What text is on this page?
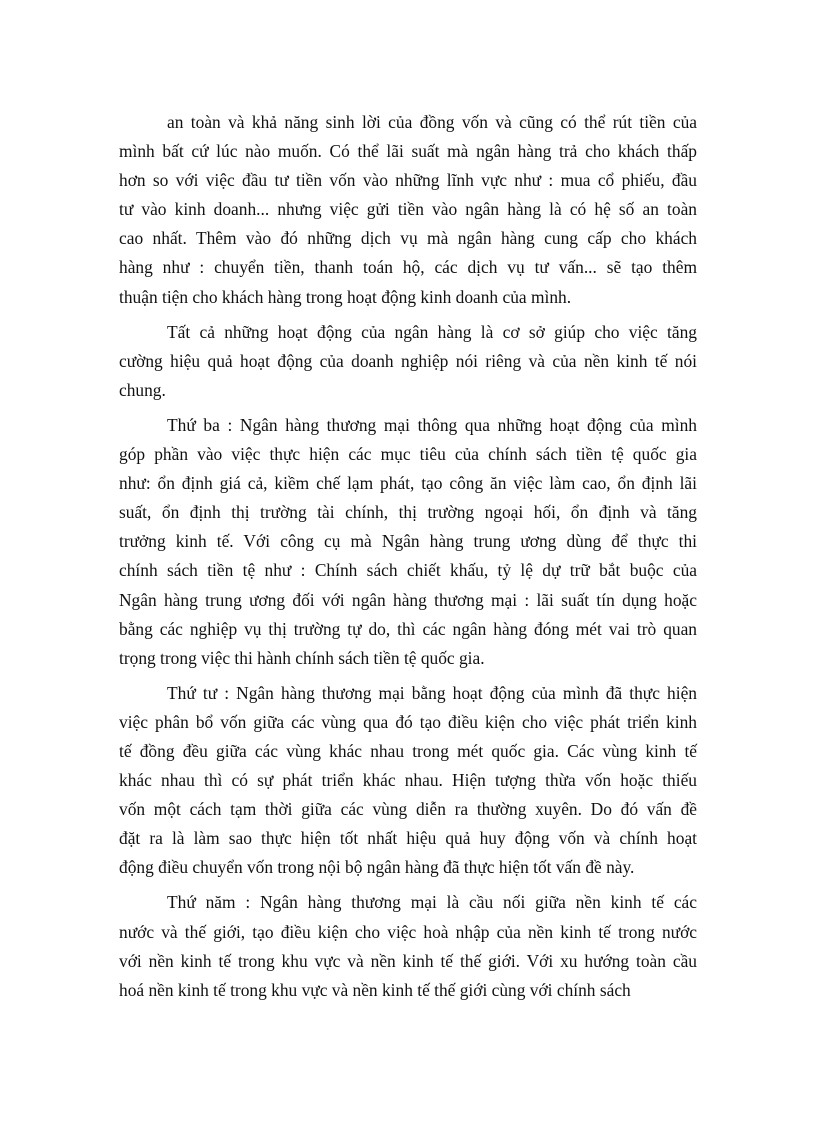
an toàn và khả năng sinh lời của đồng vốn và cũng có thể rút tiền của
mình bất cứ lúc nào muốn. Có thể lãi suất mà ngân hàng trả cho khách thấp
hơn so với việc đầu tư tiền vốn vào những lĩnh vực như : mua cổ phiếu, đầu
tư vào kinh doanh... nhưng việc gửi tiền vào ngân hàng là có hệ số an toàn
cao nhất. Thêm vào đó những dịch vụ mà ngân hàng cung cấp cho khách
hàng như : chuyển tiền, thanh toán hộ, các dịch vụ tư vấn... sẽ tạo thêm
thuận tiện cho khách hàng trong hoạt động kinh doanh của mình.
Tất cả những hoạt động của ngân hàng là cơ sở giúp cho việc tăng
cường hiệu quả hoạt động của doanh nghiệp nói riêng và của nền kinh tế nói
chung.
Thứ ba : Ngân hàng thương mại thông qua những hoạt động của mình
góp phần vào việc thực hiện các mục tiêu của chính sách tiền tệ quốc gia
như: ổn định giá cả, kiềm chế lạm phát, tạo công ăn việc làm cao, ổn định lãi
suất, ổn định thị trường tài chính, thị trường ngoại hối, ổn định và tăng
trưởng kinh tế. Với công cụ mà Ngân hàng trung ương dùng để thực thi
chính sách tiền tệ như : Chính sách chiết khấu, tỷ lệ dự trữ bắt buộc của
Ngân hàng trung ương đối với ngân hàng thương mại : lãi suất tín dụng hoặc
bằng các nghiệp vụ thị trường tự do, thì các ngân hàng đóng mét vai trò quan
trọng trong việc thi hành chính sách tiền tệ quốc gia.
Thứ tư : Ngân hàng thương mại bằng hoạt động của mình đã thực hiện
việc phân bổ vốn giữa các vùng qua đó tạo điều kiện cho việc phát triển kinh
tế đồng đều giữa các vùng khác nhau trong mét quốc gia. Các vùng kinh tế
khác nhau thì có sự phát triển khác nhau. Hiện tượng thừa vốn hoặc thiếu
vốn một cách tạm thời giữa các vùng diễn ra thường xuyên. Do đó vấn đề
đặt ra là làm sao thực hiện tốt nhất hiệu quả huy động vốn và chính hoạt
động điều chuyển vốn trong nội bộ ngân hàng đã thực hiện tốt vấn đề này.
Thứ năm : Ngân hàng thương mại là cầu nối giữa nền kinh tế các
nước và thế giới, tạo điều kiện cho việc hoà nhập của nền kinh tế trong nước
với nền kinh tế trong khu vực và nền kinh tế thế giới. Với xu hướng toàn cầu
hoá nền kinh tế trong khu vực và nền kinh tế thế giới cùng với chính sách
